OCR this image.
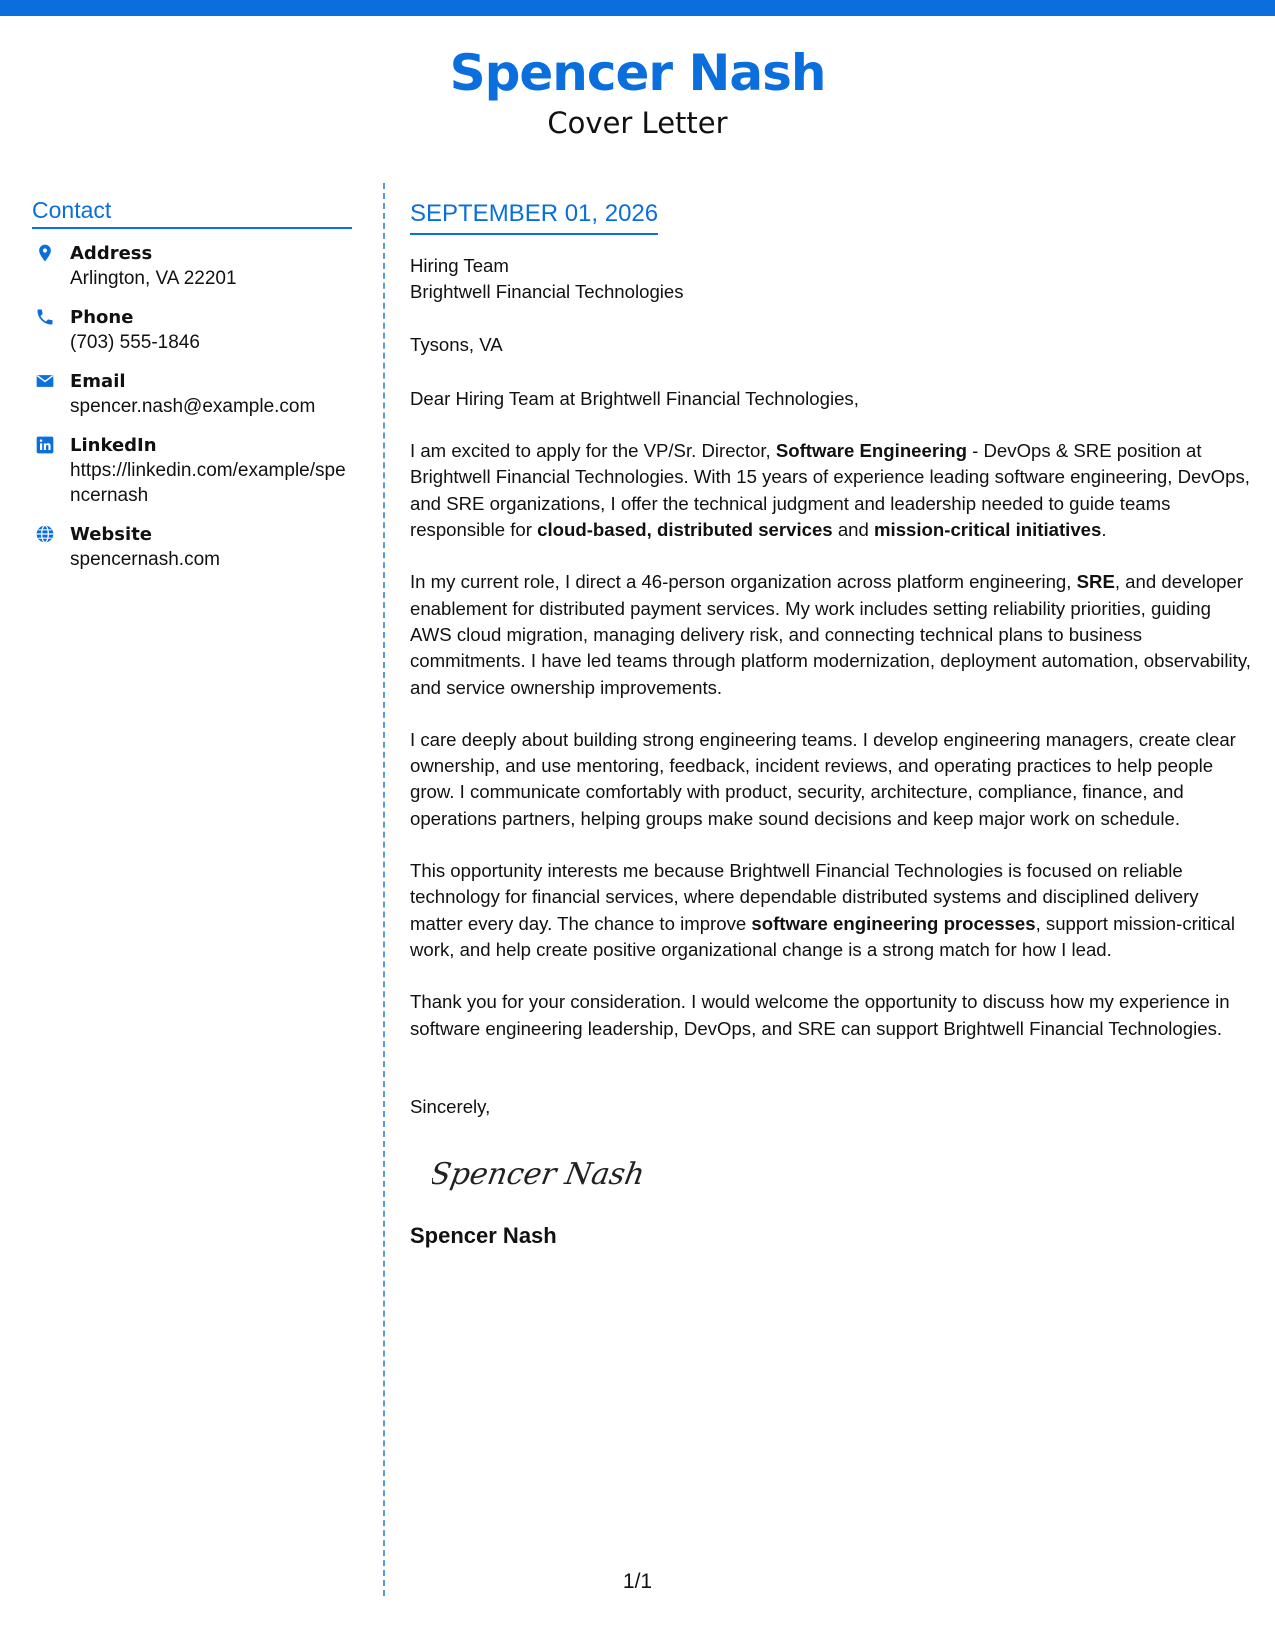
Spencer Nash
Cover Letter
Contact
Address
Arlington, VA 22201
Phone
(703) 555-1846
Email
spencer.nash@example.com
LinkedIn
https://linkedin.com/example/spencernash
Website
spencernash.com
SEPTEMBER 01, 2026
Hiring Team
Brightwell Financial Technologies
Tysons, VA
Dear Hiring Team at Brightwell Financial Technologies,

I am excited to apply for the VP/Sr. Director, Software Engineering - DevOps & SRE position at Brightwell Financial Technologies. With 15 years of experience leading software engineering, DevOps, and SRE organizations, I offer the technical judgment and leadership needed to guide teams responsible for cloud-based, distributed services and mission-critical initiatives.

In my current role, I direct a 46-person organization across platform engineering, SRE, and developer enablement for distributed payment services. My work includes setting reliability priorities, guiding AWS cloud migration, managing delivery risk, and connecting technical plans to business commitments. I have led teams through platform modernization, deployment automation, observability, and service ownership improvements.

I care deeply about building strong engineering teams. I develop engineering managers, create clear ownership, and use mentoring, feedback, incident reviews, and operating practices to help people grow. I communicate comfortably with product, security, architecture, compliance, finance, and operations partners, helping groups make sound decisions and keep major work on schedule.

This opportunity interests me because Brightwell Financial Technologies is focused on reliable technology for financial services, where dependable distributed systems and disciplined delivery matter every day. The chance to improve software engineering processes, support mission-critical work, and help create positive organizational change is a strong match for how I lead.

Thank you for your consideration. I would welcome the opportunity to discuss how my experience in software engineering leadership, DevOps, and SRE can support Brightwell Financial Technologies.

Sincerely,
Spencer Nash
Spencer Nash
1/1
